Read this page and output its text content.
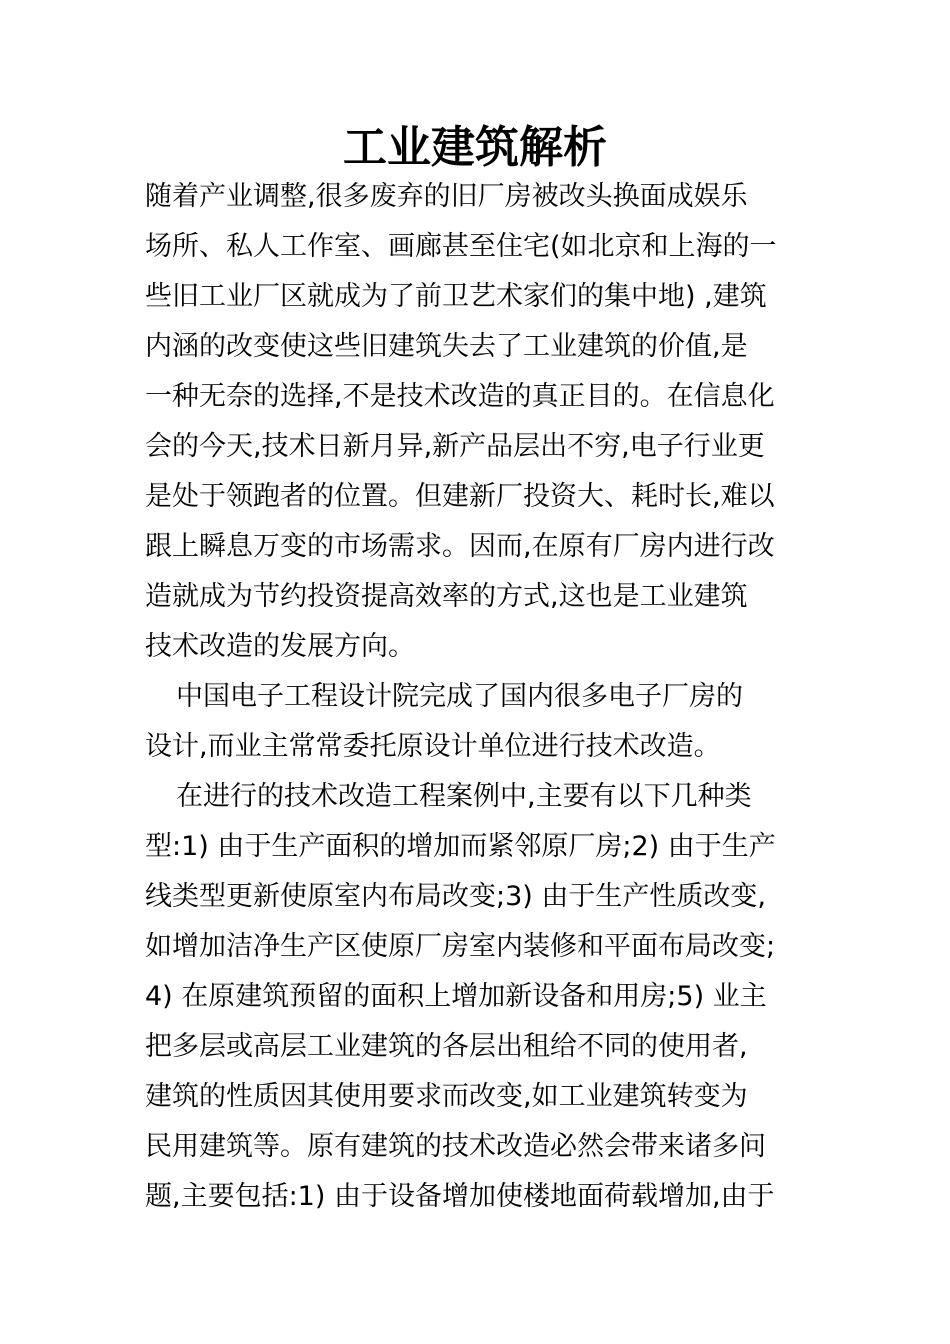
工业建筑解析
随着产业调整,很多废弃的旧厂房被改头换面成娱乐
场所、私人工作室、画廊甚至住宅(如北京和上海的一
些旧工业厂区就成为了前卫艺术家们的集中地) ,建筑
内涵的改变使这些旧建筑失去了工业建筑的价值,是
一种无奈的选择,不是技术改造的真正目的。在信息化
会的今天,技术日新月异,新产品层出不穷,电子行业更
是处于领跑者的位置。但建新厂投资大、耗时长,难以
跟上瞬息万变的市场需求。因而,在原有厂房内进行改
造就成为节约投资提高效率的方式,这也是工业建筑
技术改造的发展方向。
中国电子工程设计院完成了国内很多电子厂房的
设计,而业主常常委托原设计单位进行技术改造。
在进行的技术改造工程案例中,主要有以下几种类
型:1) 由于生产面积的增加而紧邻原厂房;2) 由于生产
线类型更新使原室内布局改变;3) 由于生产性质改变,
如增加洁净生产区使原厂房室内装修和平面布局改变;
4) 在原建筑预留的面积上增加新设备和用房;5) 业主
把多层或高层工业建筑的各层出租给不同的使用者,
建筑的性质因其使用要求而改变,如工业建筑转变为
民用建筑等。原有建筑的技术改造必然会带来诸多问
题,主要包括:1) 由于设备增加使楼地面荷载增加,由于
